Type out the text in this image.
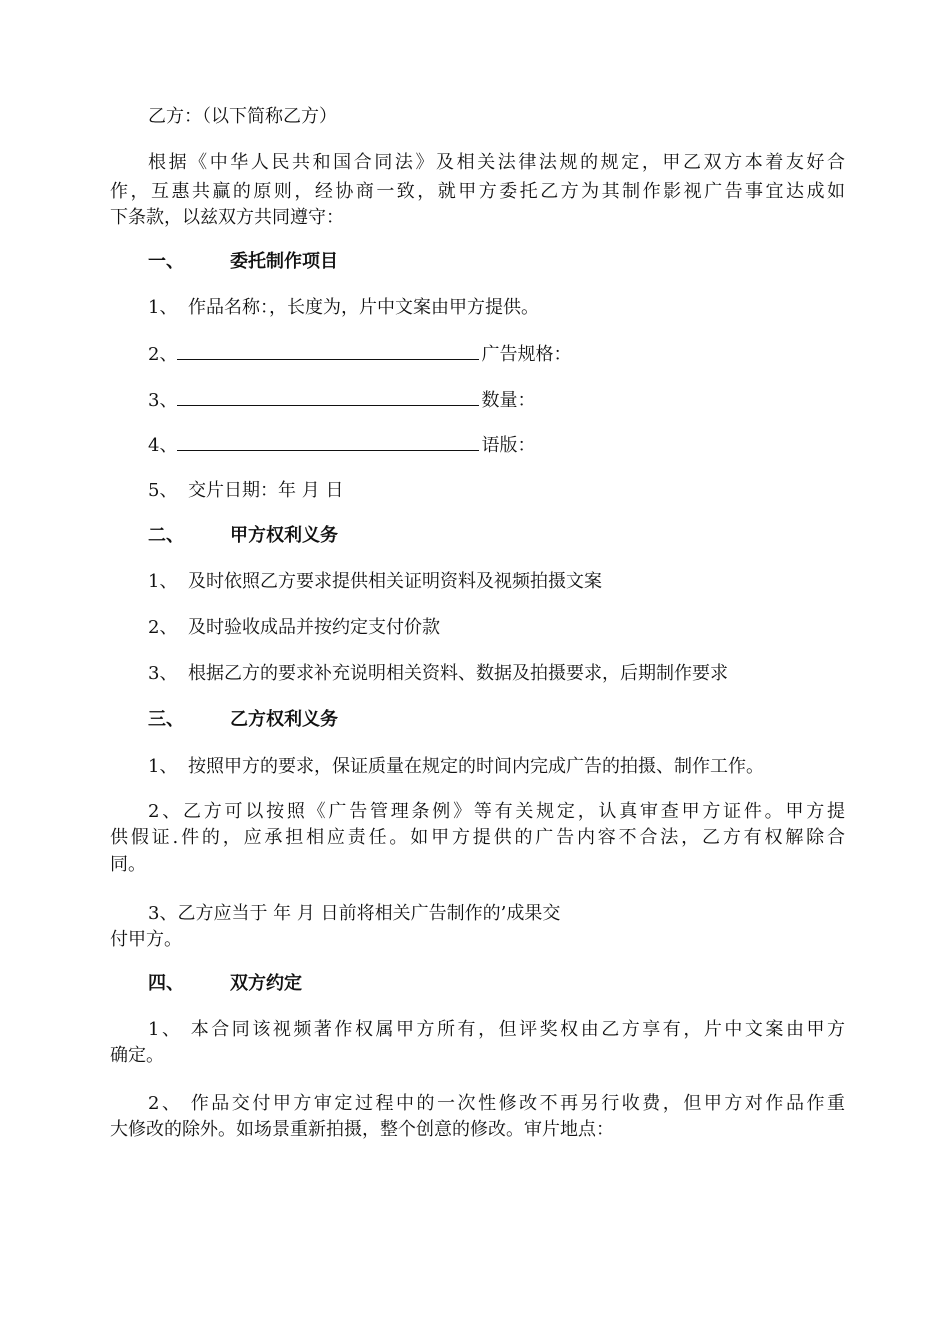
乙方：（以下简称乙方）
根据《中华人民共和国合同法》及相关法律法规的规定，甲乙双方本着友好合
作，互惠共赢的原则，经协商一致，就甲方委托乙方为其制作影视广告事宜达成如
下条款，以兹双方共同遵守：
一、	委托制作项目
1、 作品名称：，长度为，片中文案由甲方提供。
2、	广告规格：
3、	数量：
4、	语版：
5、 交片日期：年 月 日
二、	甲方权利义务
1、 及时依照乙方要求提供相关证明资料及视频拍摄文案
2、 及时验收成品并按约定支付价款
3、 根据乙方的要求补充说明相关资料、数据及拍摄要求，后期制作要求
三、	乙方权利义务
1、 按照甲方的要求，保证质量在规定的时间内完成广告的拍摄、制作工作。
2、乙方可以按照《广告管理条例》等有关规定，认真审查甲方证件。甲方提
供假证.件的，应承担相应责任。如甲方提供的广告内容不合法，乙方有权解除合
同。
3、乙方应当于 年 月 日前将相关广告制作的’成果交
付甲方。
四、	双方约定
1、 本合同该视频著作权属甲方所有，但评奖权由乙方享有，片中文案由甲方
确定。
2、 作品交付甲方审定过程中的一次性修改不再另行收费，但甲方对作品作重
大修改的除外。如场景重新拍摄，整个创意的修改。审片地点：
